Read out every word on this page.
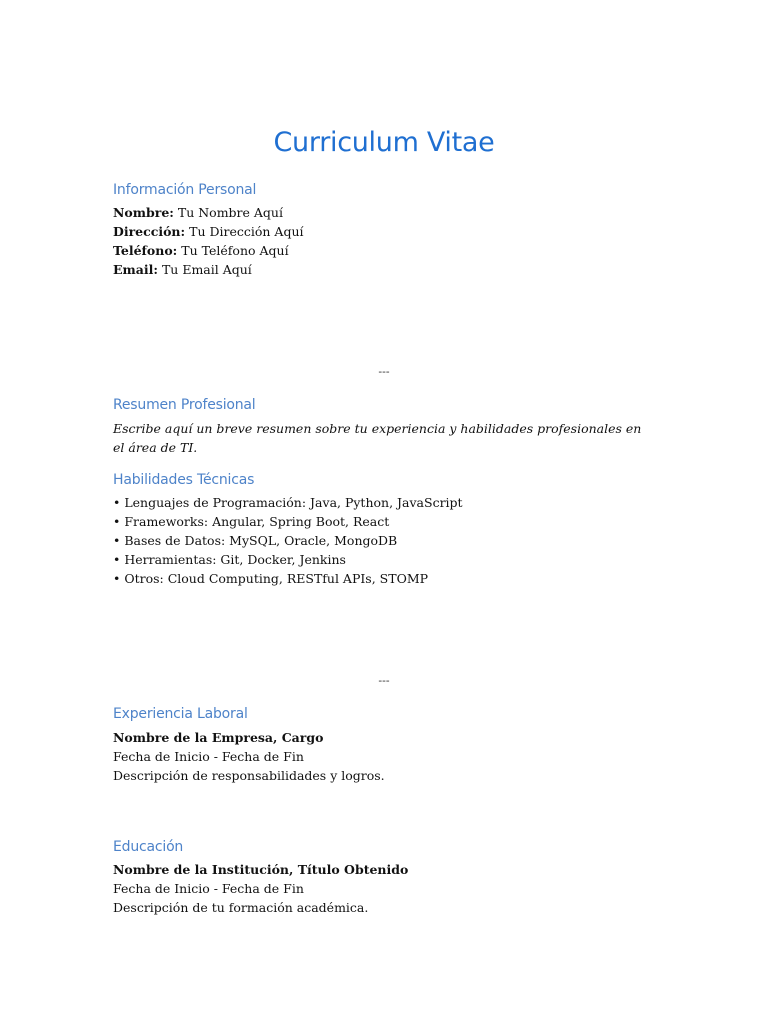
Curriculum Vitae
Información Personal
Nombre: Tu Nombre Aquí
Dirección: Tu Dirección Aquí
Teléfono: Tu Teléfono Aquí
Email: Tu Email Aquí
---
Resumen Profesional
Escribe aquí un breve resumen sobre tu experiencia y habilidades profesionales en el área de TI.
Habilidades Técnicas
• Lenguajes de Programación: Java, Python, JavaScript
• Frameworks: Angular, Spring Boot, React
• Bases de Datos: MySQL, Oracle, MongoDB
• Herramientas: Git, Docker, Jenkins
• Otros: Cloud Computing, RESTful APIs, STOMP
---
Experiencia Laboral
Nombre de la Empresa, Cargo
Fecha de Inicio - Fecha de Fin
Descripción de responsabilidades y logros.
Educación
Nombre de la Institución, Título Obtenido
Fecha de Inicio - Fecha de Fin
Descripción de tu formación académica.
